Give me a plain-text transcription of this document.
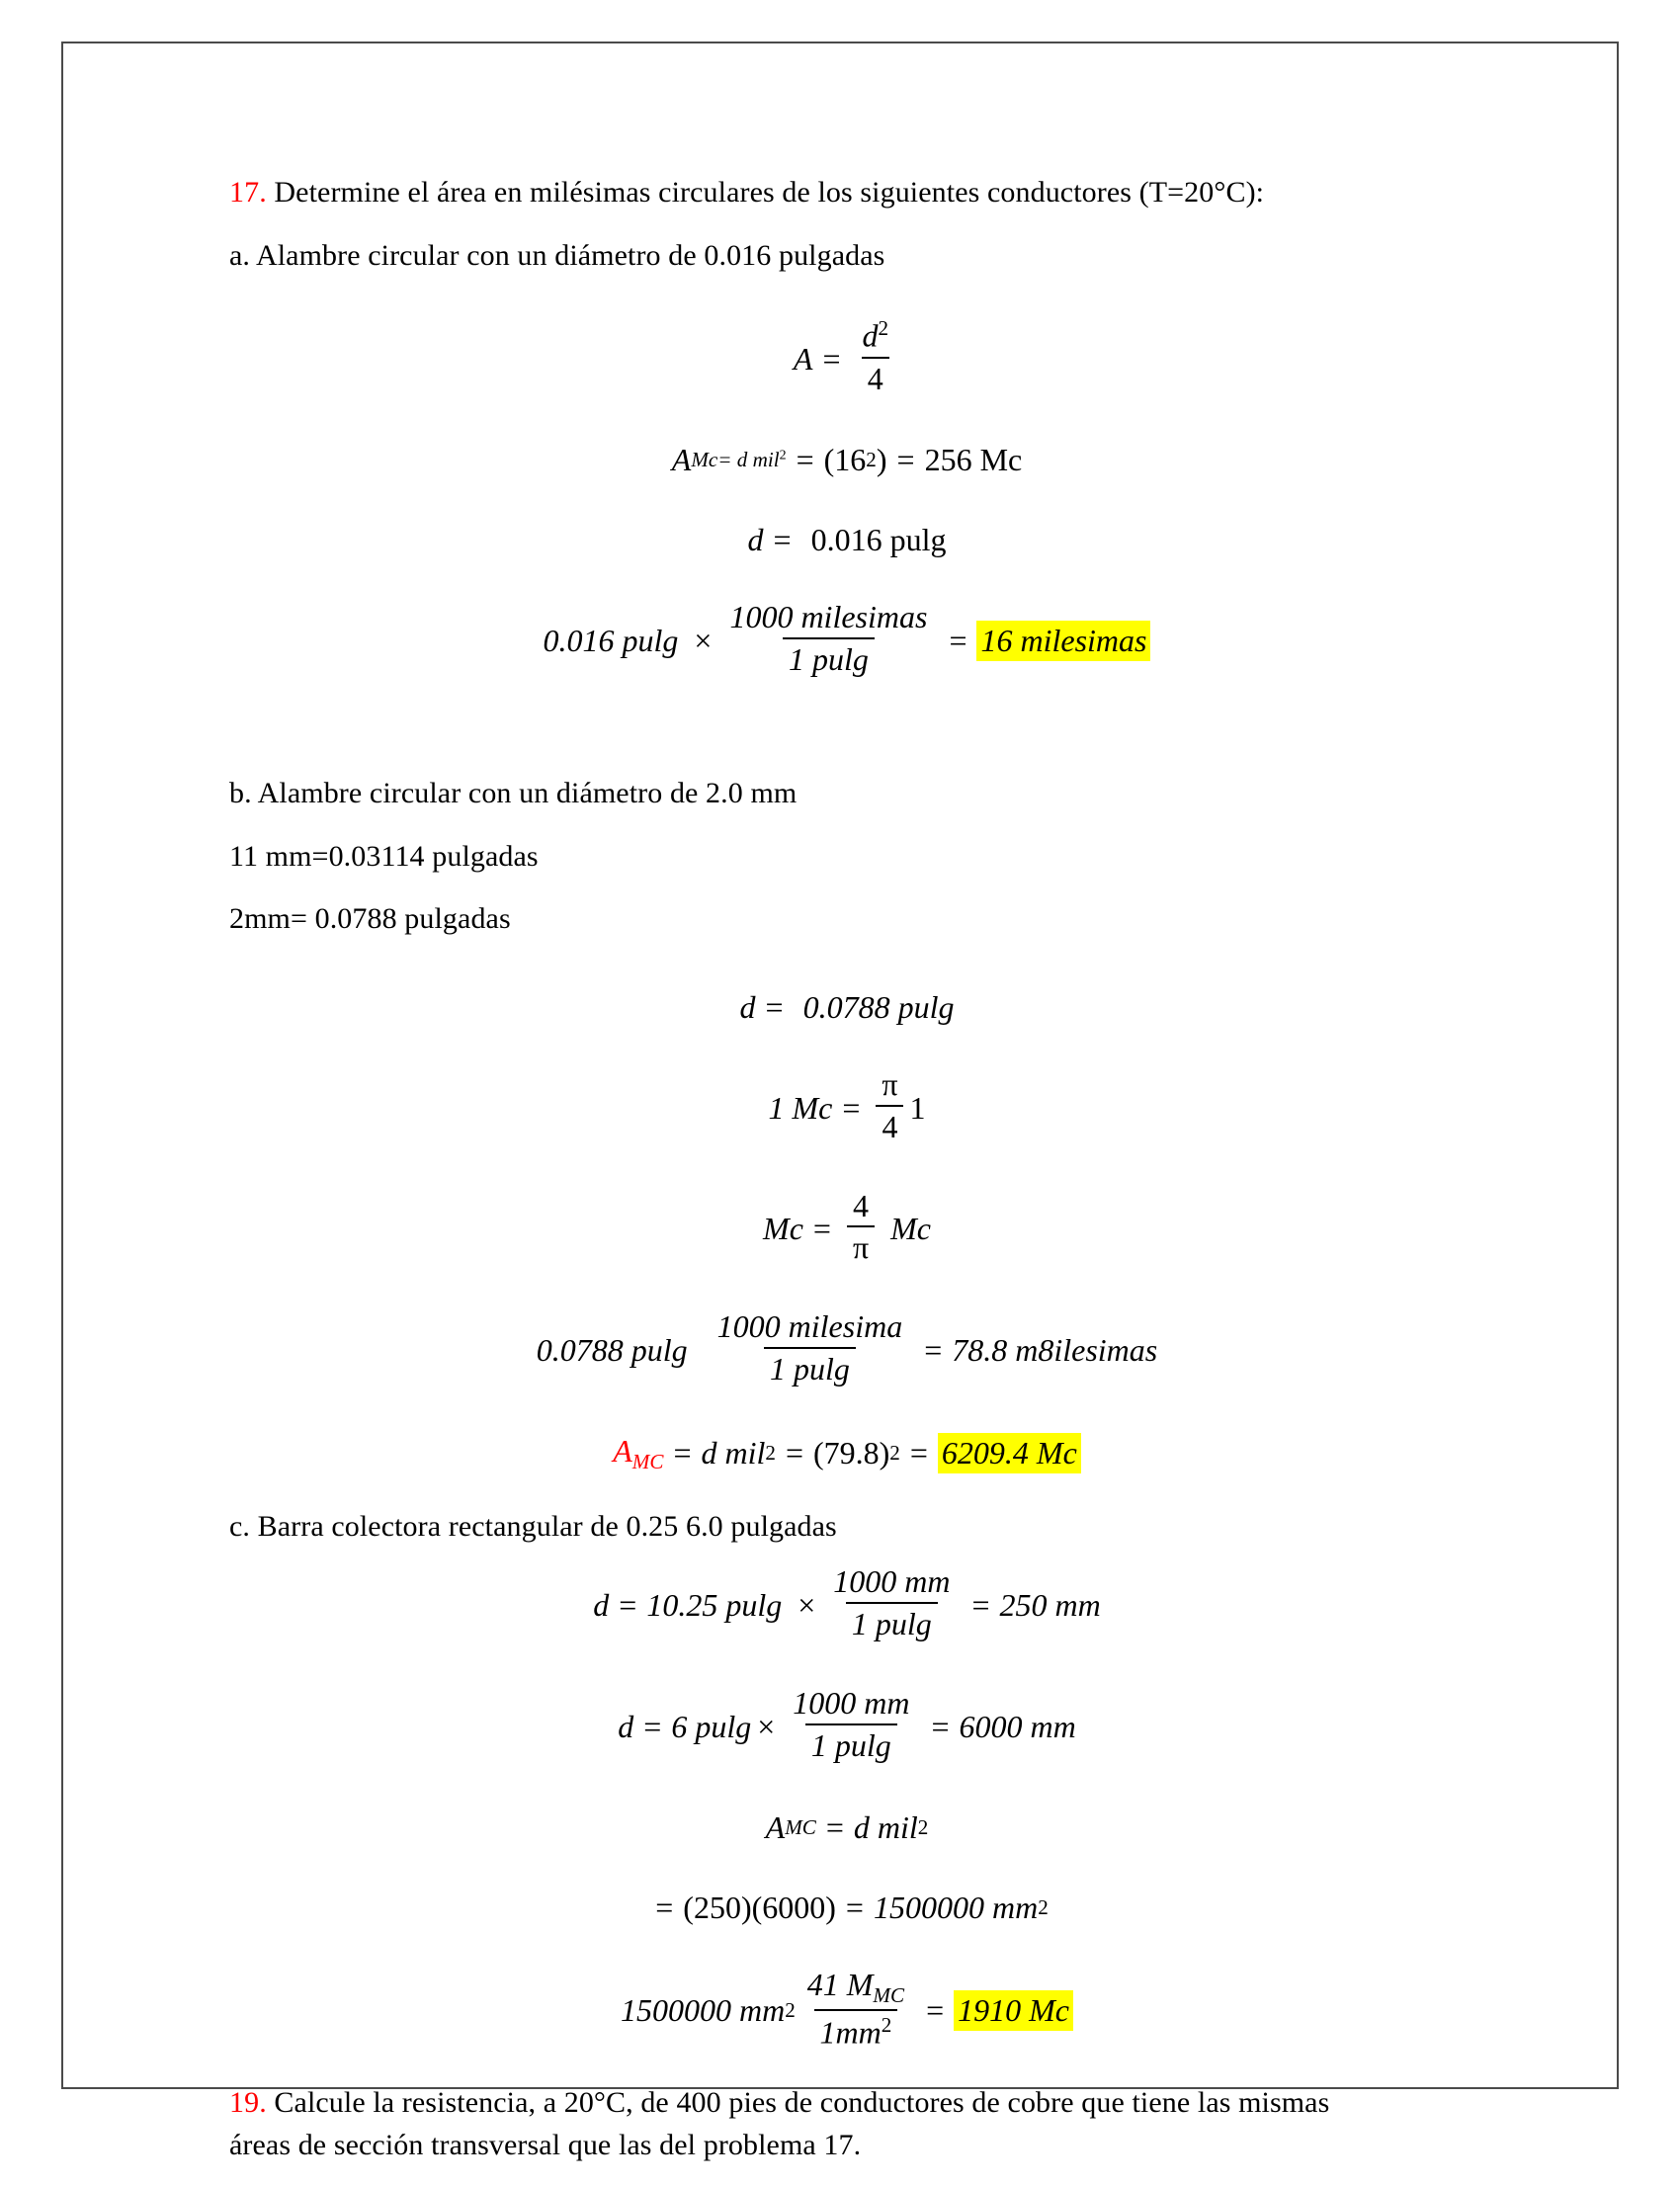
17. Determine el área en milésimas circulares de los siguientes conductores (T=20°C):

a. Alambre circular con un diámetro de 0.016 pulgadas

$A = \frac{d^2}{4}$
A Mc= d mil$^2$ = (16 2 ) = 256 Mc
d = 0.016 pulg
0.016 $pulg \times \frac{\text{1000 milesimas}}{1 pulg} = 16$ milesimas

b. Alambre circular con un diámetro de 2.0 mm

11 mm=0.03114 pulgadas

2mm= 0.0788 pulgadas

d = 0.0788 pulg
1 $Mc = \frac{\pi}{4} 1$
$Mc = \frac{4}{\pi}$ Mc
0.0788 pulg $\frac{\text{1000 milesima}}{1 pulg} = 78.8$ m8ilesimas
$A_{MC} = d$ mil 2 = (79.8) 2 = 6209.4 Mc

c. Barra colectora rectangular de 0.25 6.0 pulgadas

d = 10.25 $pulg \times \frac{1000 mm}{1 pulg} = 250$ mm
d = 6 $pulg \times \frac{1000 mm}{1 pulg} = 6000$ mm
A MC = d mil 2
= (250)(6000) = 1500000 mm 2
1500000 mm $2 \frac{41 M_{MC}}{1mm^2} = 1910$ Mc

19. Calcule la resistencia, a 20°C, de 400 pies de conductores de cobre que tiene las mismas
áreas de sección transversal que las del problema 17.
